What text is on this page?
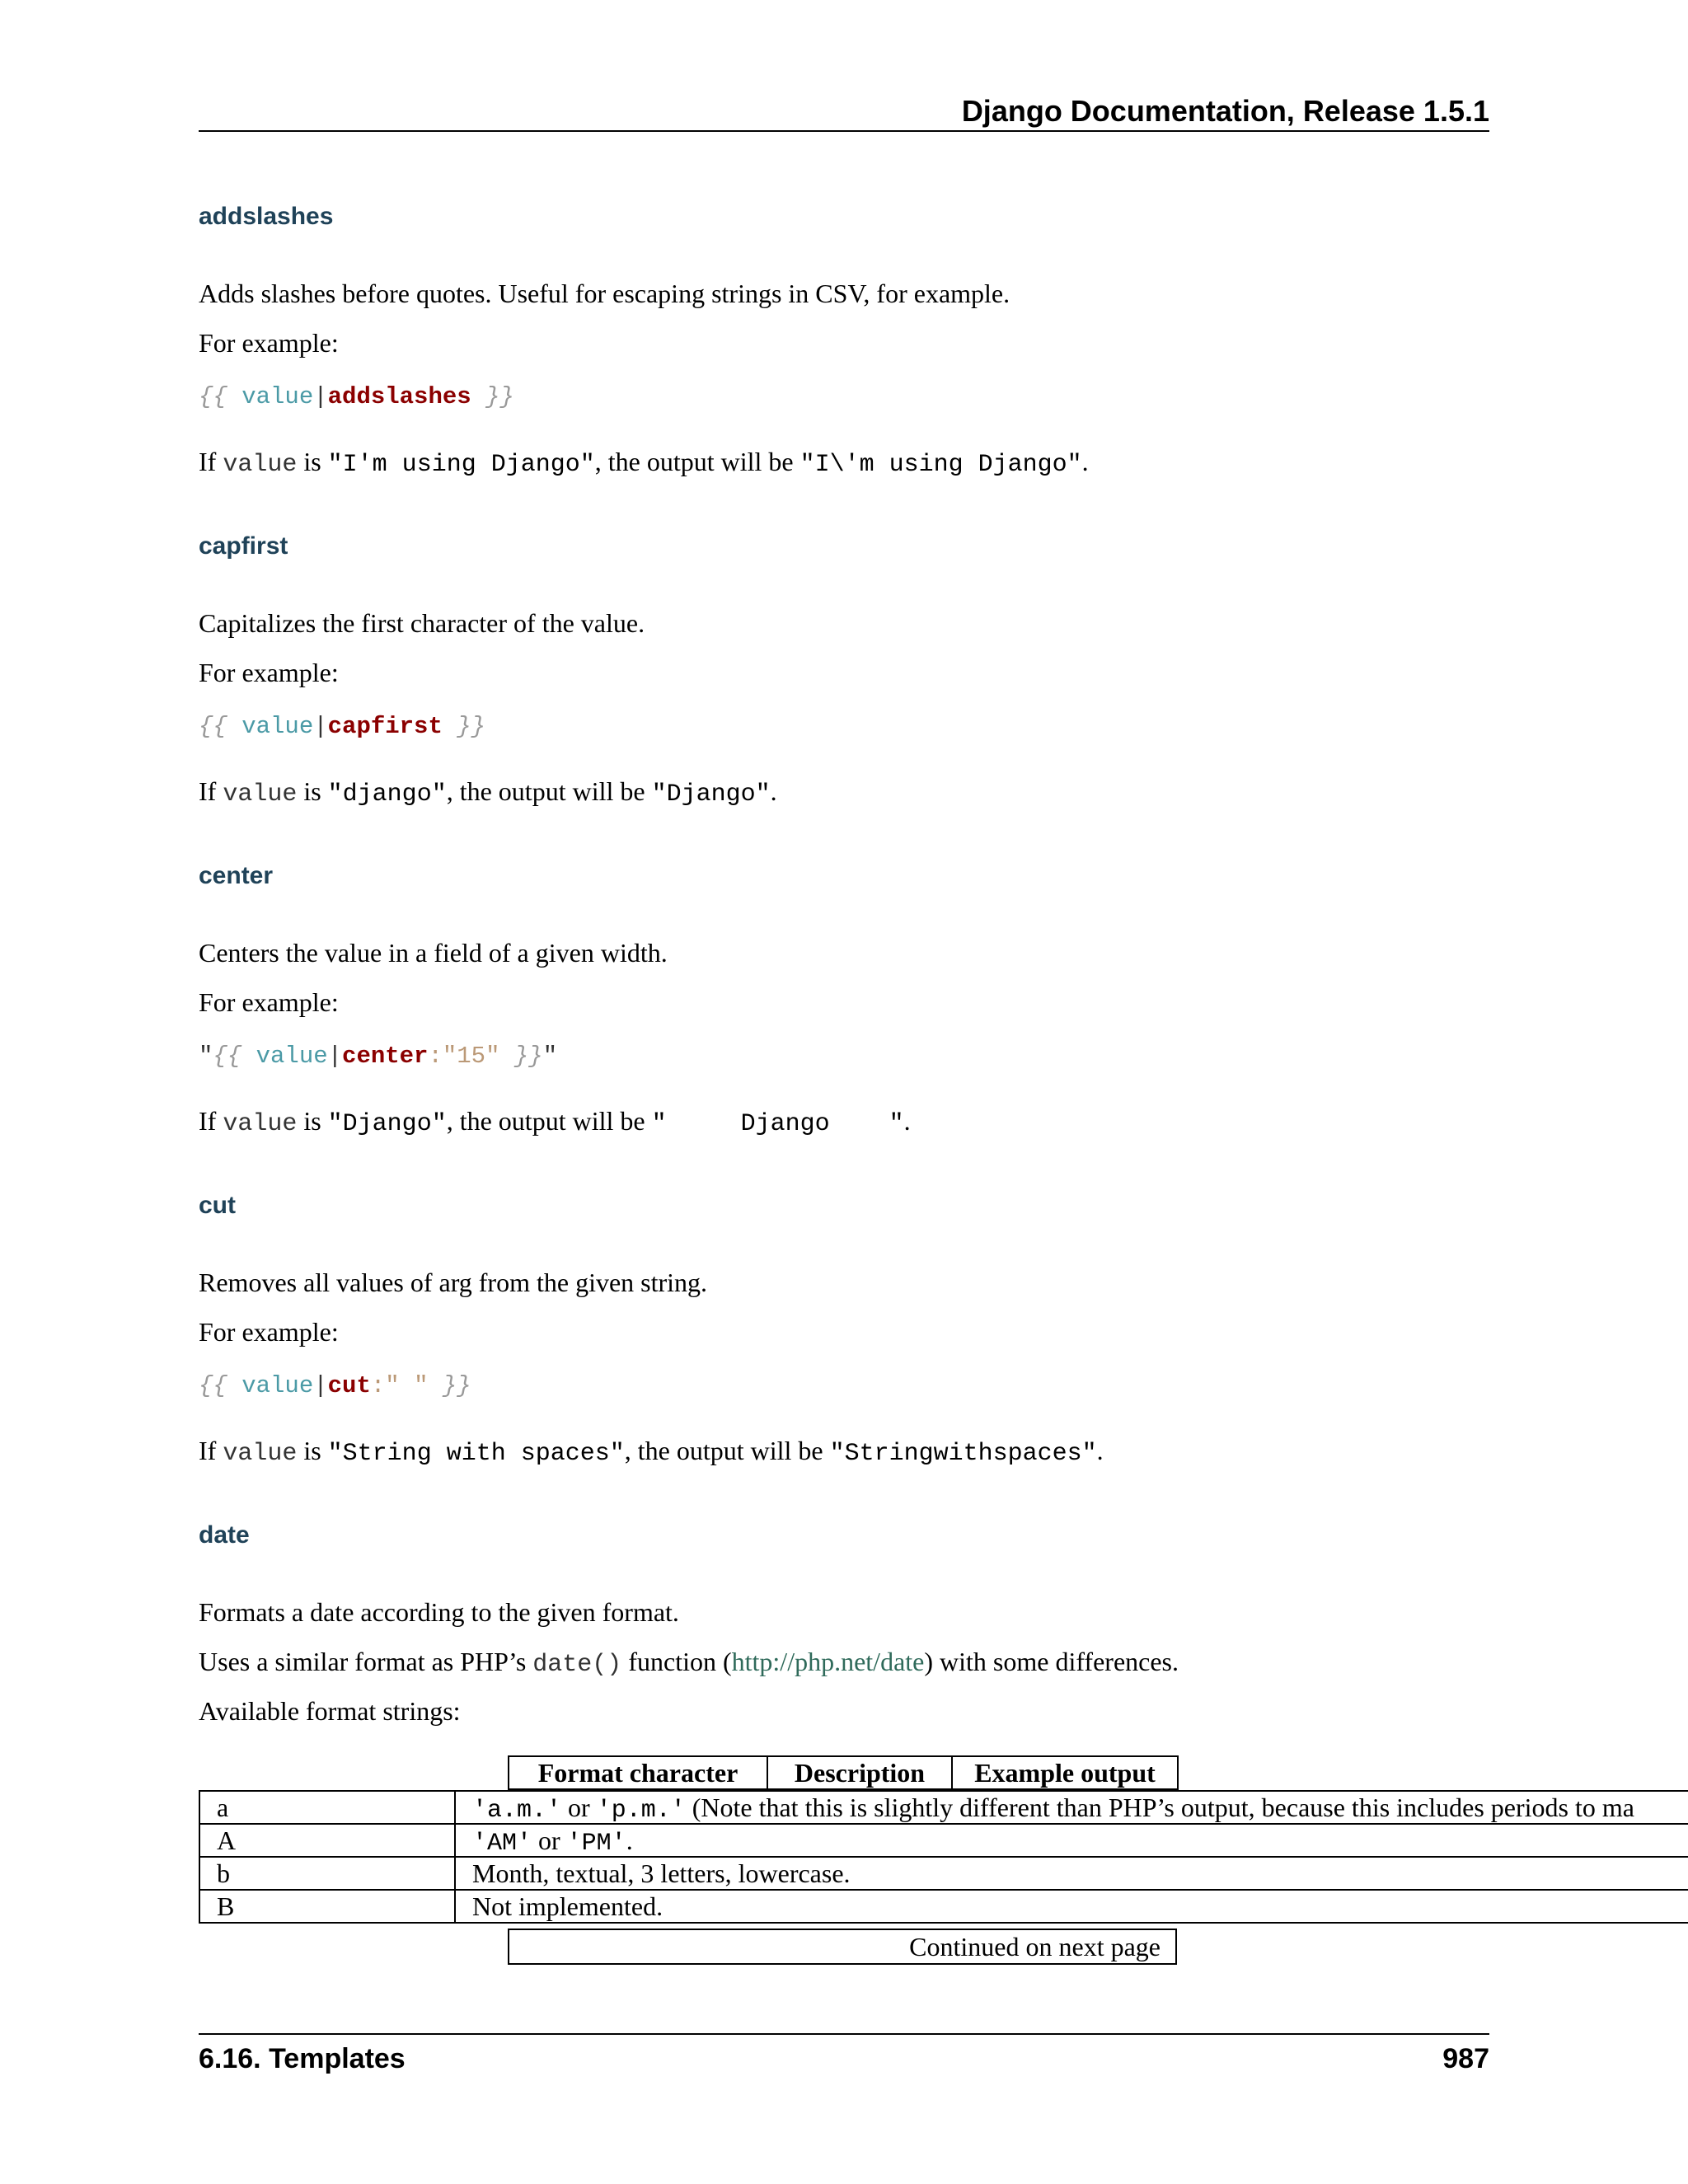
Django Documentation, Release 1.5.1
addslashes
Adds slashes before quotes. Useful for escaping strings in CSV, for example.
For example:
{{ value|addslashes }}
If value is "I'm using Django", the output will be "I\'m using Django".
capfirst
Capitalizes the first character of the value.
For example:
{{ value|capfirst }}
If value is "django", the output will be "Django".
center
Centers the value in a field of a given width.
For example:
"{{ value|center:"15" }}"
If value is "Django", the output will be "     Django    ".
cut
Removes all values of arg from the given string.
For example:
{{ value|cut:" " }}
If value is "String with spaces", the output will be "Stringwithspaces".
date
Formats a date according to the given format.
Uses a similar format as PHP’s date() function (http://php.net/date) with some differences.
Available format strings:
Format character	Description	Example output
a	'a.m.' or 'p.m.' (Note that this is slightly different than PHP’s output, because this includes periods to ma
A	'AM' or 'PM'.
b	Month, textual, 3 letters, lowercase.
B	Not implemented.
Continued on next page
6.16. Templates	987
